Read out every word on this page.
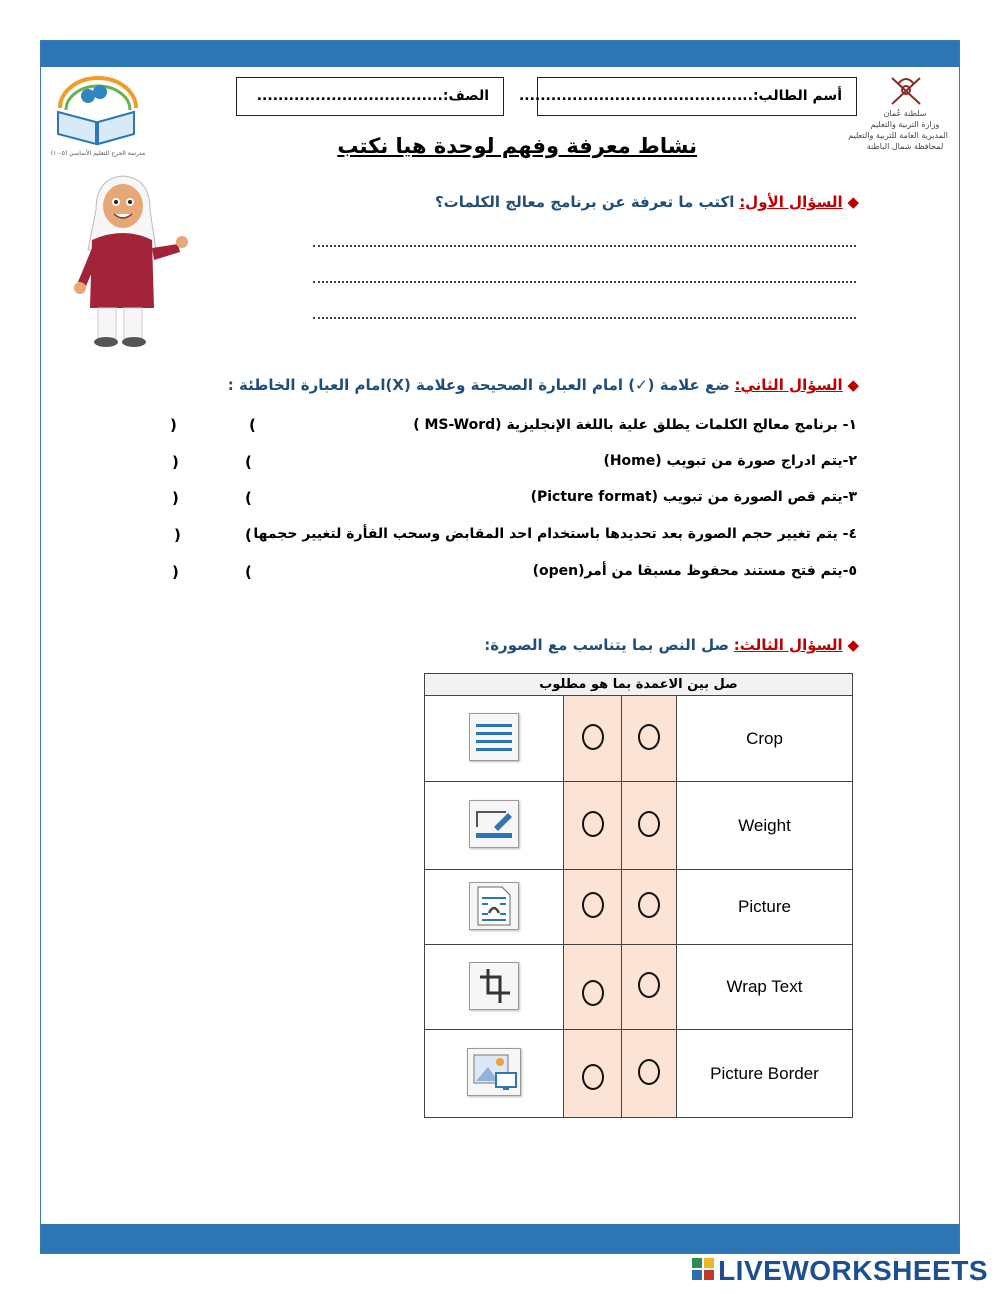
سلطنة عُمان
وزارة التربية والتعليم
المديرية العامة للتربية والتعليم
لمحافظة شمال الباطنة
أسم الطالب:............................................
الصف:...................................
مدرسة الجرح للتعليم الأساسي (٥-١٠)	نشاط معرفة وفهم لوحدة هيا نكتب
◆ السؤال الأول: اكتب ما تعرفة عن برنامج معالج الكلمات؟
◆ السؤال الثاني: ضع علامة (✓) امام العبارة الصحيحة وعلامة (X)امام العبارة الخاطئة :
١- برنامج معالج الكلمات يطلق علية باللغة الإنجليزية (MS-Word )
(
)
٢-يتم ادراج صورة من تبويب (Home)
(
)
٣-يتم قص الصورة من تبويب (Picture format)
(
)
٤- يتم تغيير حجم الصورة بعد تحديدها باستخدام احد المقابض وسحب الفأرة لتغيير حجمها
(
)
٥-يتم فتح مستند محفوظ مسبقا من أمر(open)
(
)
◆ السؤال الثالث: صل النص بما يتناسب مع الصورة:
صل بين الاعمدة بما هو مطلوب			
			Crop
			Weight
			Picture
			Wrap Text
			Picture Border
LIVEWORKSHEETS
